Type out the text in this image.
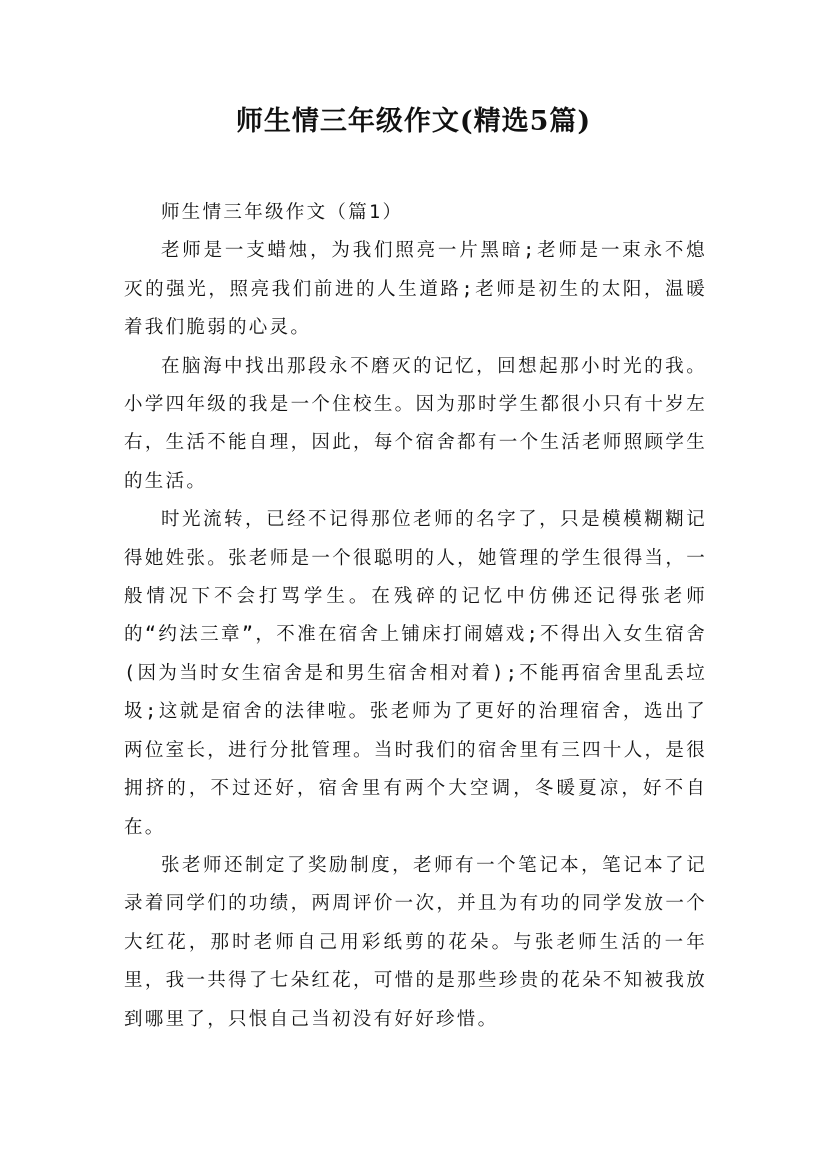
师生情三年级作文(精选5篇)

师生情三年级作文（篇1）

老师是一支蜡烛，为我们照亮一片黑暗;老师是一束永不熄灭的强光，照亮我们前进的人生道路;老师是初生的太阳，温暖着我们脆弱的心灵。

在脑海中找出那段永不磨灭的记忆，回想起那小时光的我。小学四年级的我是一个住校生。因为那时学生都很小只有十岁左右，生活不能自理，因此，每个宿舍都有一个生活老师照顾学生的生活。

时光流转，已经不记得那位老师的名字了，只是模模糊糊记得她姓张。张老师是一个很聪明的人，她管理的学生很得当，一般情况下不会打骂学生。在残碎的记忆中仿佛还记得张老师的“约法三章”，不准在宿舍上铺床打闹嬉戏;不得出入女生宿舍(因为当时女生宿舍是和男生宿舍相对着);不能再宿舍里乱丢垃圾;这就是宿舍的法律啦。张老师为了更好的治理宿舍，选出了两位室长，进行分批管理。当时我们的宿舍里有三四十人，是很拥挤的，不过还好，宿舍里有两个大空调，冬暖夏凉，好不自在。

张老师还制定了奖励制度，老师有一个笔记本，笔记本了记录着同学们的功绩，两周评价一次，并且为有功的同学发放一个大红花，那时老师自己用彩纸剪的花朵。与张老师生活的一年里，我一共得了七朵红花，可惜的是那些珍贵的花朵不知被我放到哪里了，只恨自己当初没有好好珍惜。
